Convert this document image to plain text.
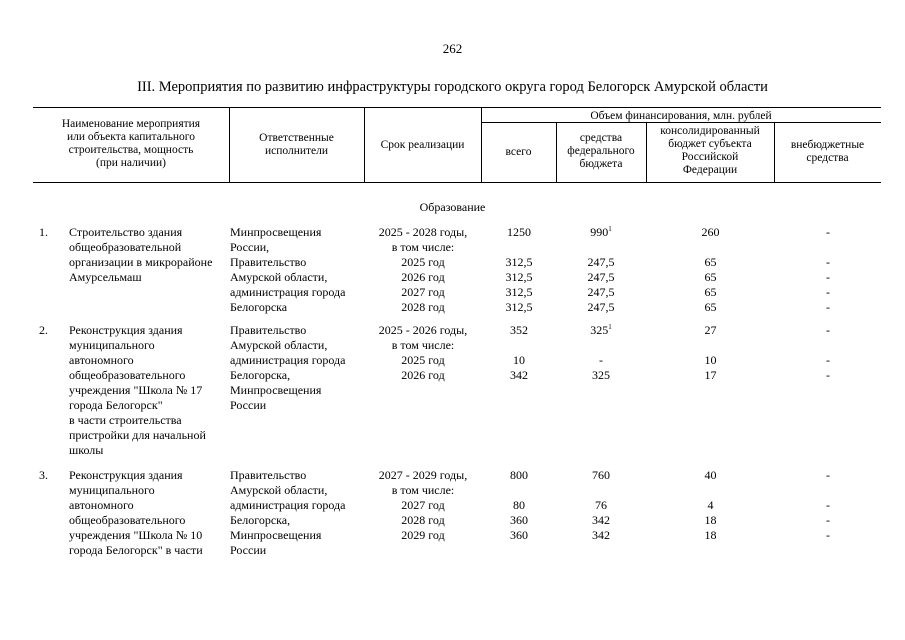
262
III. Мероприятия по развитию инфраструктуры городского округа город Белогорск Амурской области
Наименование мероприятия
или объекта капитального
строительства, мощность
(при наличии)
Ответственные
исполнители	Срок реализации
Объем финансирования, млн. рублей
всего
средства
федерального
бюджета
консолидированный
бюджет субъекта
Российской
Федерации
внебюджетные
средства
Образование
1. Строительство здания
общеобразовательной
организации в микрорайоне
Амурсельмаш
Минпросвещения
России,
Правительство
Амурской области,
администрация города
Белогорска
2025 - 2028 годы,
в том числе:
2025 год
2026 год
2027 год
2028 год
1250

312,5
312,5
312,5
312,5
$990^1$

247,5
247,5
247,5
247,5
260

65
65
65
65
-

-
-
-
-
2. Реконструкция здания
муниципального
автономного
общеобразовательного
учреждения "Школа № 17
города Белогорск"
в части строительства
пристройки для начальной
школы
Правительство
Амурской области,
администрация города
Белогорска,
Минпросвещения
России
2025 - 2026 годы,
в том числе:
2025 год
2026 год
352

10
342
$325^1$

-
325
27

10
17
-

-
-
3. Реконструкция здания
муниципального
автономного
общеобразовательного
учреждения "Школа № 10
города Белогорск" в части
Правительство
Амурской области,
администрация города
Белогорска,
Минпросвещения
России
2027 - 2029 годы,
в том числе:
2027 год
2028 год
2029 год
800

80
360
360
760

76
342
342
40

4
18
18
-

-
-
-
